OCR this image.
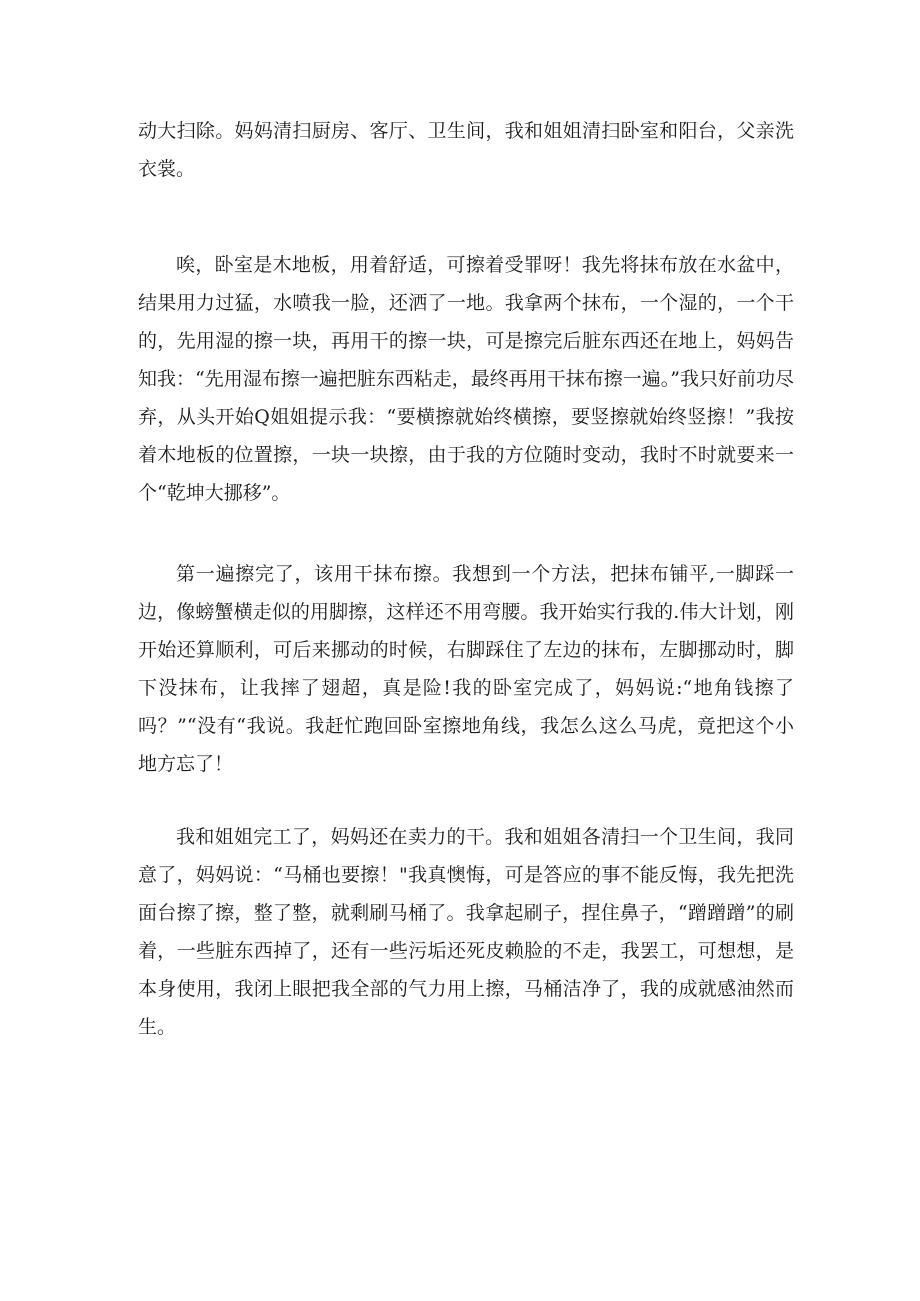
动大扫除。妈妈清扫厨房、客厅、卫生间，我和姐姐清扫卧室和阳台，父亲洗衣裳。

唉，卧室是木地板，用着舒适，可擦着受罪呀！我先将抹布放在水盆中，结果用力过猛，水喷我一脸，还洒了一地。我拿两个抹布，一个湿的，一个干的，先用湿的擦一块，再用干的擦一块，可是擦完后脏东西还在地上，妈妈告知我：“先用湿布擦一遍把脏东西粘走，最终再用干抹布擦一遍。”我只好前功尽弃，从头开始Q姐姐提示我：“要横擦就始终横擦，要竖擦就始终竖擦！”我按着木地板的位置擦，一块一块擦，由于我的方位随时变动，我时不时就要来一个“乾坤大挪移”。

第一遍擦完了，该用干抹布擦。我想到一个方法，把抹布铺平,一脚踩一边，像螃蟹横走似的用脚擦，这样还不用弯腰。我开始实行我的.伟大计划，刚开始还算顺利，可后来挪动的时候，右脚踩住了左边的抹布，左脚挪动时，脚下没抹布，让我摔了翅超，真是险!我的卧室完成了，妈妈说:“地角钱擦了吗？”“没有“我说。我赶忙跑回卧室擦地角线，我怎么这么马虎，竟把这个小地方忘了！

我和姐姐完工了，妈妈还在卖力的干。我和姐姐各清扫一个卫生间，我同意了，妈妈说：“马桶也要擦！"我真懊悔，可是答应的事不能反悔，我先把洗面台擦了擦，整了整，就剩刷马桶了。我拿起刷子，捏住鼻子，“蹭蹭蹭”的刷着，一些脏东西掉了，还有一些污垢还死皮赖脸的不走，我罢工，可想想，是本身使用，我闭上眼把我全部的气力用上擦，马桶洁净了，我的成就感油然而生。
